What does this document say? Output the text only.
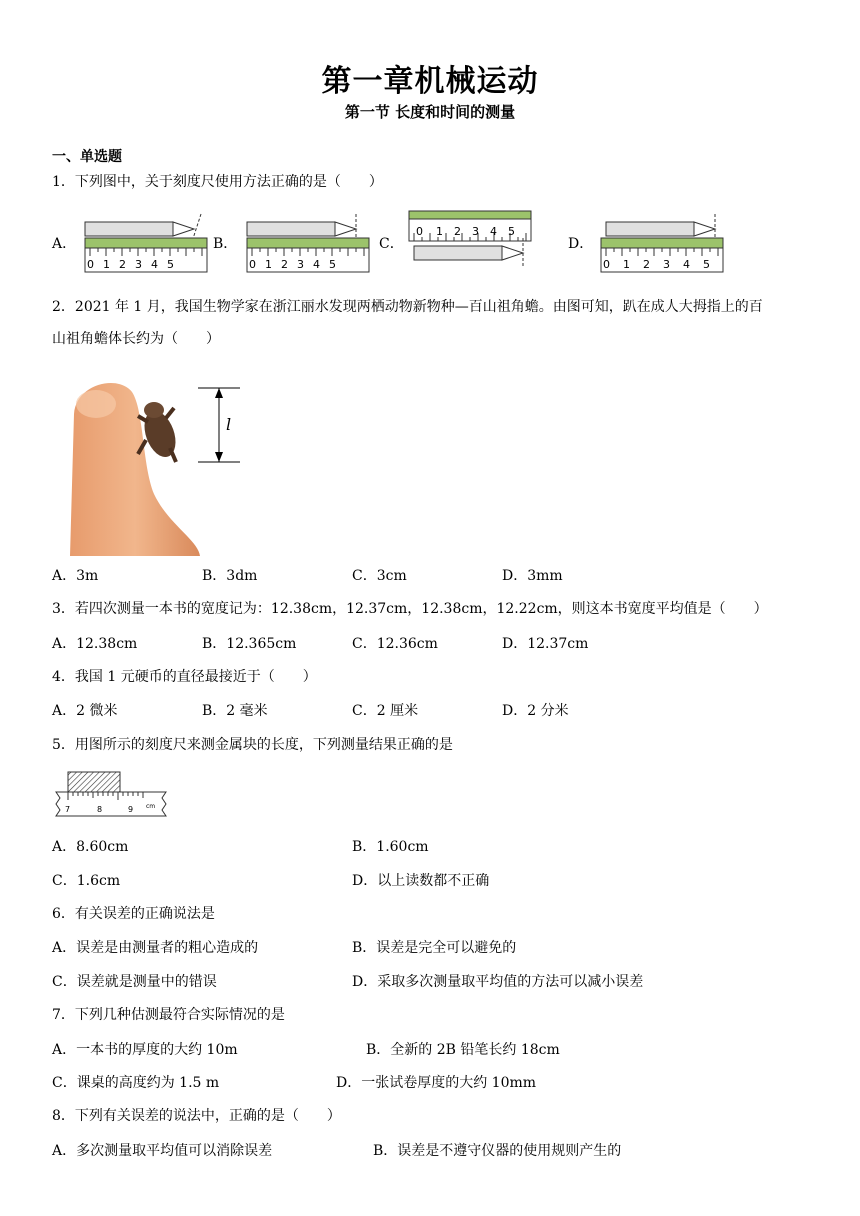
第一章机械运动
第一节 长度和时间的测量
一、单选题
1．下列图中，关于刻度尺使用方法正确的是（　　）
A．
0 1 2 3 4 5
B．
0 1 2 3 4 5
C．
0 1 2 3 4 5
D．
0 1 2 3 4 5
2．2021 年 1 月，我国生物学家在浙江丽水发现两栖动物新物种—百山祖角蟾。由图可知，趴在成人大拇指上的百
山祖角蟾体长约为（　　）
l
A．3m	B．3dm	C．3cm	D．3mm
3．若四次测量一本书的宽度记为：12.38cm，12.37cm，12.38cm，12.22cm，则这本书宽度平均值是（　　）
A．12.38cm	B．12.365cm	C．12.36cm	D．12.37cm
4．我国 1 元硬币的直径最接近于（　　）
A．2 微米	B．2 毫米	C．2 厘米	D．2 分米
5．用图所示的刻度尺来测金属块的长度，下列测量结果正确的是
7	8	9 cm
A．8.60cm	B．1.60cm
C．1.6cm	D．以上读数都不正确
6．有关误差的正确说法是
A．误差是由测量者的粗心造成的	B．误差是完全可以避免的
C．误差就是测量中的错误	D．采取多次测量取平均值的方法可以减小误差
7．下列几种估测最符合实际情况的是
A．一本书的厚度的大约 10m	B．全新的 2B 铅笔长约 18cm
C．课桌的高度约为 1.5 m	D．一张试卷厚度的大约 10mm
8．下列有关误差的说法中，正确的是（　　）
A．多次测量取平均值可以消除误差	B．误差是不遵守仪器的使用规则产生的
